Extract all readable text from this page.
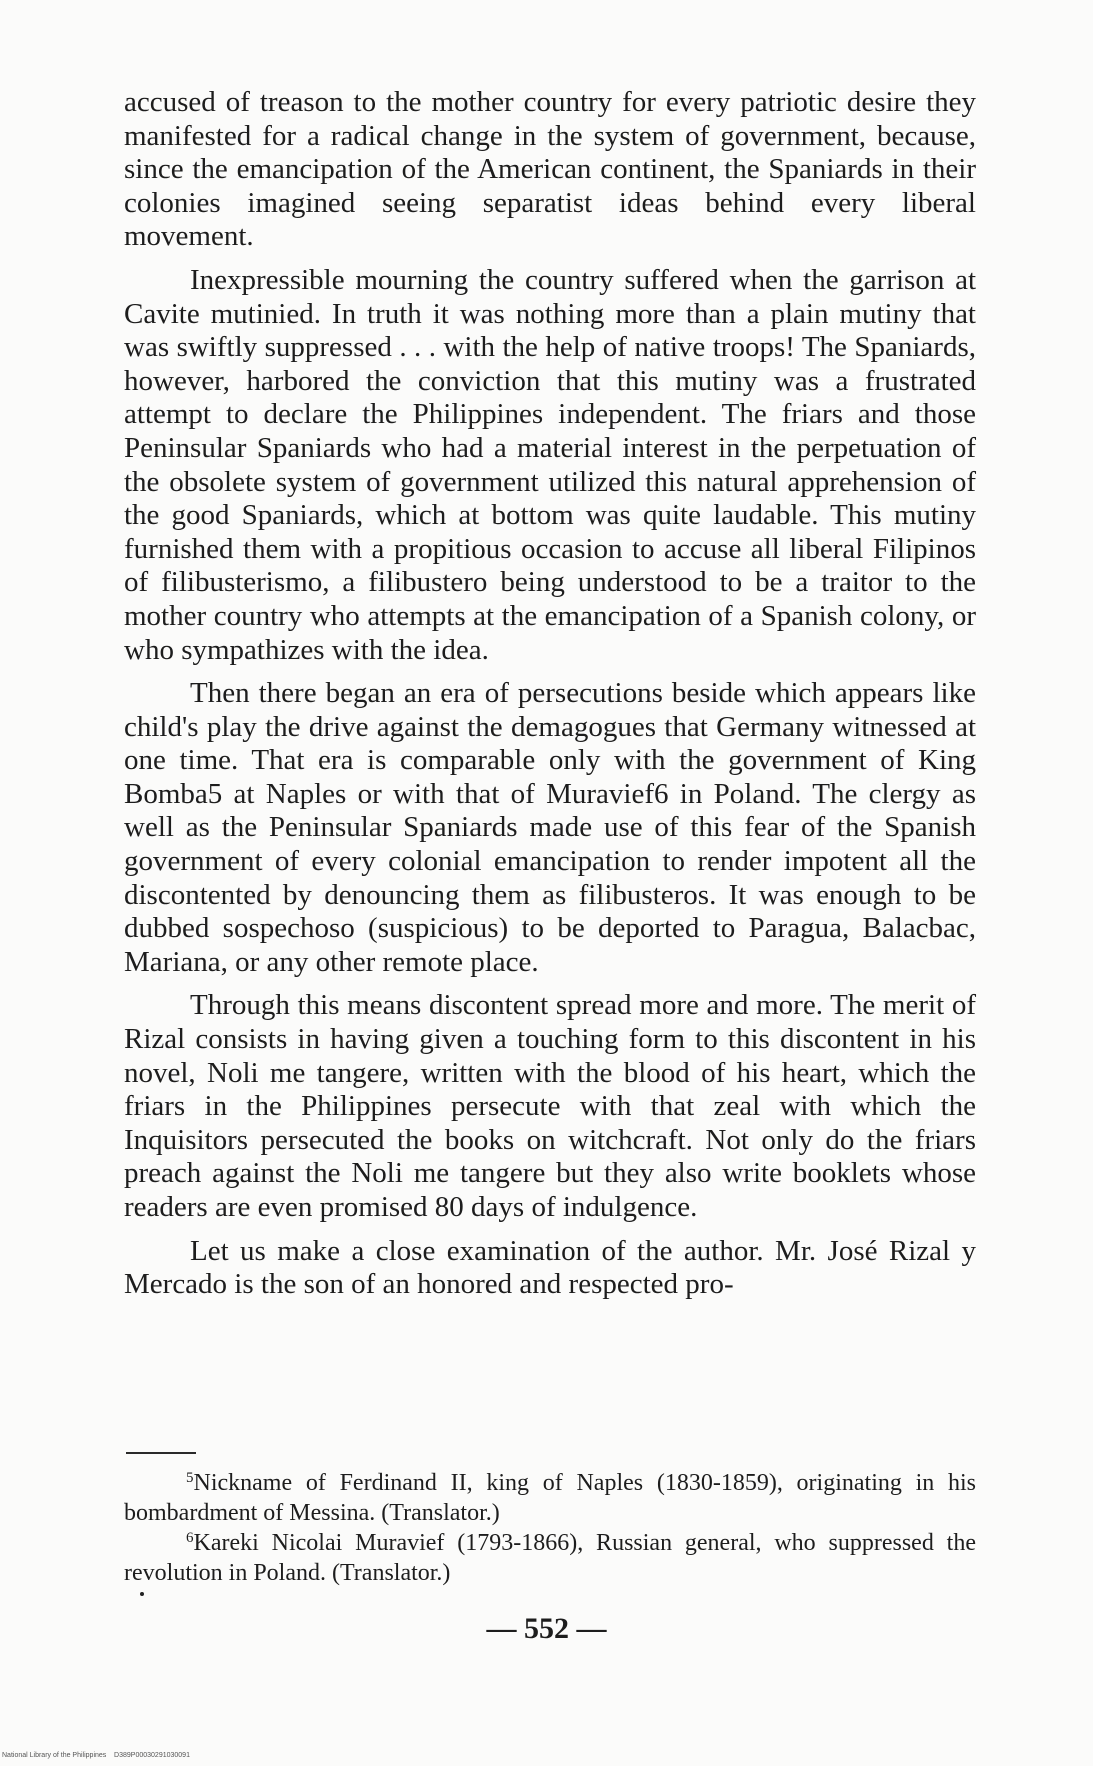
accused of treason to the mother country for every patriotic desire they manifested for a radical change in the system of government, because, since the emancipation of the American continent, the Spaniards in their colonies imagined seeing separatist ideas behind every liberal movement.

Inexpressible mourning the country suffered when the garrison at Cavite mutinied. In truth it was nothing more than a plain mutiny that was swiftly suppressed . . . with the help of native troops! The Spaniards, however, harbored the conviction that this mutiny was a frustrated attempt to declare the Philippines independent. The friars and those Peninsular Spaniards who had a material interest in the perpetuation of the obsolete system of government utilized this natural apprehension of the good Spaniards, which at bottom was quite laudable. This mutiny furnished them with a propitious occasion to accuse all liberal Filipinos of filibusterismo, a filibustero being understood to be a traitor to the mother country who attempts at the emancipation of a Spanish colony, or who sympathizes with the idea.

Then there began an era of persecutions beside which appears like child's play the drive against the demagogues that Germany witnessed at one time. That era is comparable only with the government of King Bomba5 at Naples or with that of Muravief6 in Poland. The clergy as well as the Peninsular Spaniards made use of this fear of the Spanish government of every colonial emancipation to render impotent all the discontented by denouncing them as filibusteros. It was enough to be dubbed sospechoso (suspicious) to be deported to Paragua, Balacbac, Mariana, or any other remote place.

Through this means discontent spread more and more. The merit of Rizal consists in having given a touching form to this discontent in his novel, Noli me tangere, written with the blood of his heart, which the friars in the Philippines persecute with that zeal with which the Inquisitors persecuted the books on witchcraft. Not only do the friars preach against the Noli me tangere but they also write booklets whose readers are even promised 80 days of indulgence.

Let us make a close examination of the author. Mr. José Rizal y Mercado is the son of an honored and respected pro-

$^5$Nickname of Ferdinand II, king of Naples (1830-1859), originating in his bombardment of Messina. (Translator.)

$^6$Kareki Nicolai Muravief (1793-1866), Russian general, who suppressed the revolution in Poland. (Translator.)

— 552 —
National Library of the Philippines    D389P00030291030091
